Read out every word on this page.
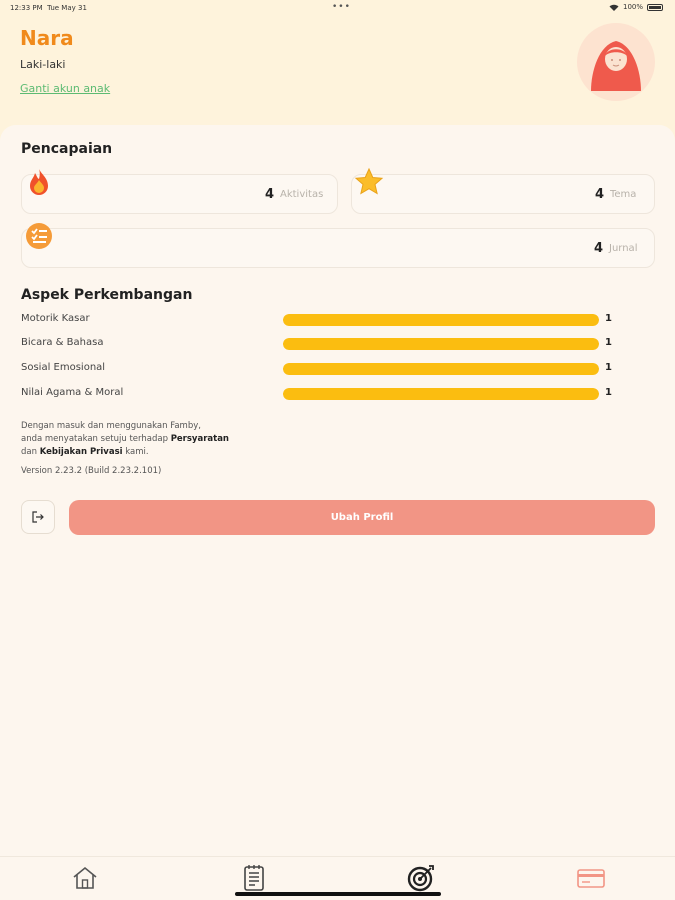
12:33 PM Tue May 31	•••	100%
Nara
Laki-laki
Ganti akun anak
Pencapaian
4 Aktivitas	4 Tema
4 Jurnal
Aspek Perkembangan
Motorik Kasar	1
Bicara & Bahasa	1
Sosial Emosional	1
Nilai Agama & Moral	1
Dengan masuk dan menggunakan Famby,
anda menyatakan setuju terhadap Persyaratan
dan Kebijakan Privasi kami.
Version 2.23.2 (Build 2.23.2.101)
Ubah Profil
